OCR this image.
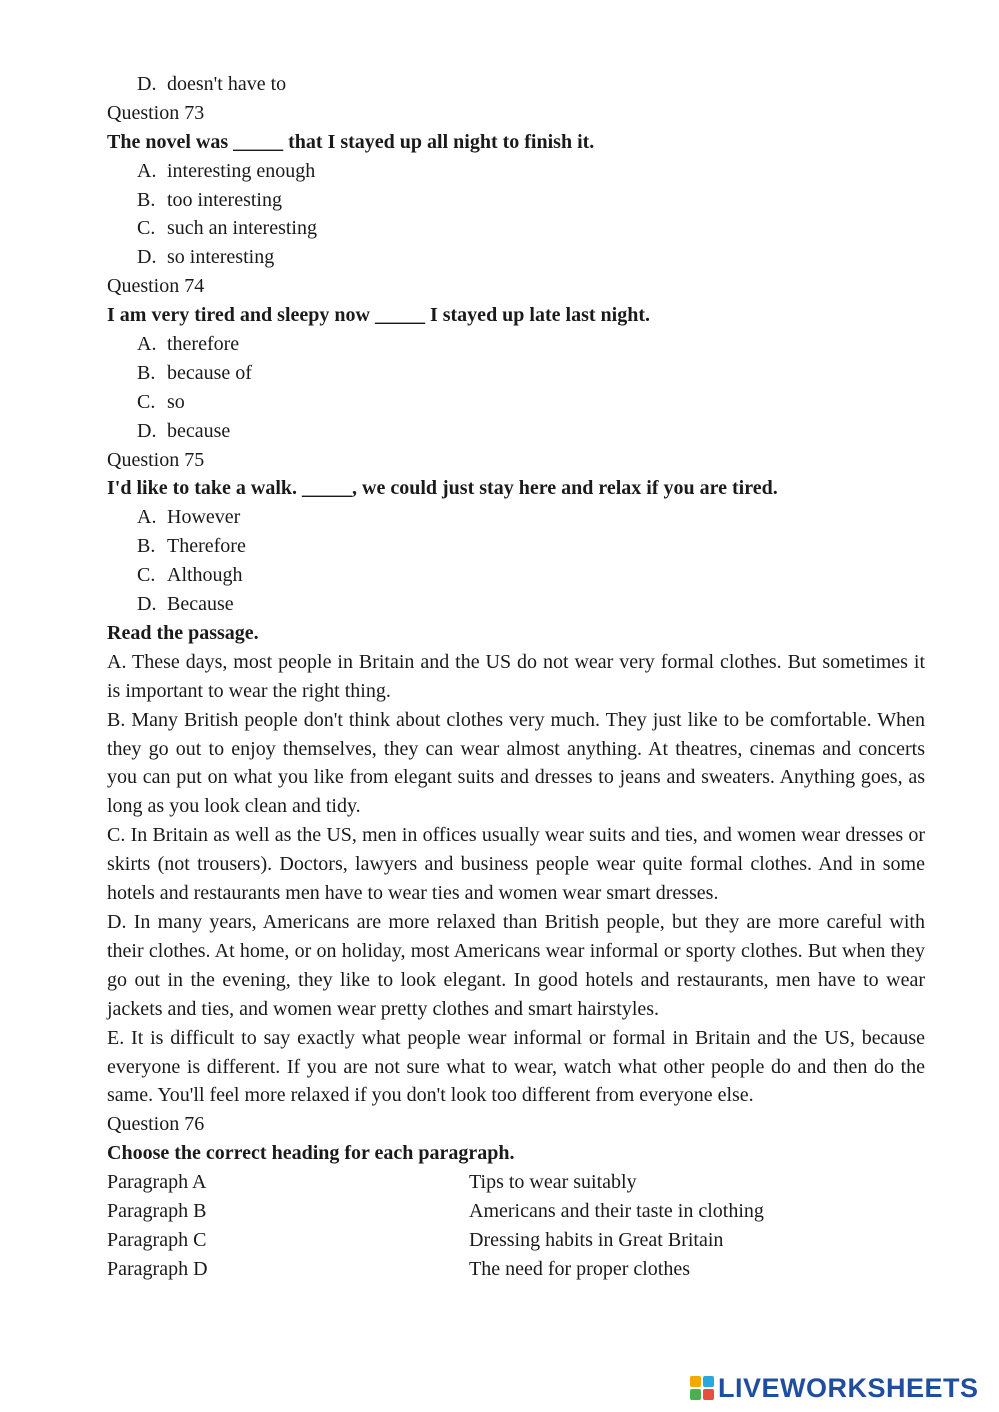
D. doesn't have to
Question 73
The novel was _____ that I stayed up all night to finish it.
A. interesting enough
B. too interesting
C. such an interesting
D. so interesting
Question 74
I am very tired and sleepy now _____ I stayed up late last night.
A. therefore
B. because of
C. so
D. because
Question 75
I'd like to take a walk. _____, we could just stay here and relax if you are tired.
A. However
B. Therefore
C. Although
D. Because
Read the passage.
A. These days, most people in Britain and the US do not wear very formal clothes. But sometimes it is important to wear the right thing.
B. Many British people don't think about clothes very much. They just like to be comfortable. When they go out to enjoy themselves, they can wear almost anything. At theatres, cinemas and concerts you can put on what you like from elegant suits and dresses to jeans and sweaters. Anything goes, as long as you look clean and tidy.
C. In Britain as well as the US, men in offices usually wear suits and ties, and women wear dresses or skirts (not trousers). Doctors, lawyers and business people wear quite formal clothes. And in some hotels and restaurants men have to wear ties and women wear smart dresses.
D. In many years, Americans are more relaxed than British people, but they are more careful with their clothes. At home, or on holiday, most Americans wear informal or sporty clothes. But when they go out in the evening, they like to look elegant. In good hotels and restaurants, men have to wear jackets and ties, and women wear pretty clothes and smart hairstyles.
E. It is difficult to say exactly what people wear informal or formal in Britain and the US, because everyone is different. If you are not sure what to wear, watch what other people do and then do the same. You'll feel more relaxed if you don't look too different from everyone else.
Question 76
Choose the correct heading for each paragraph.
Paragraph A	Tips to wear suitably
Paragraph B	Americans and their taste in clothing
Paragraph C	Dressing habits in Great Britain
Paragraph D	The need for proper clothes
LIVEWORKSHEETS
